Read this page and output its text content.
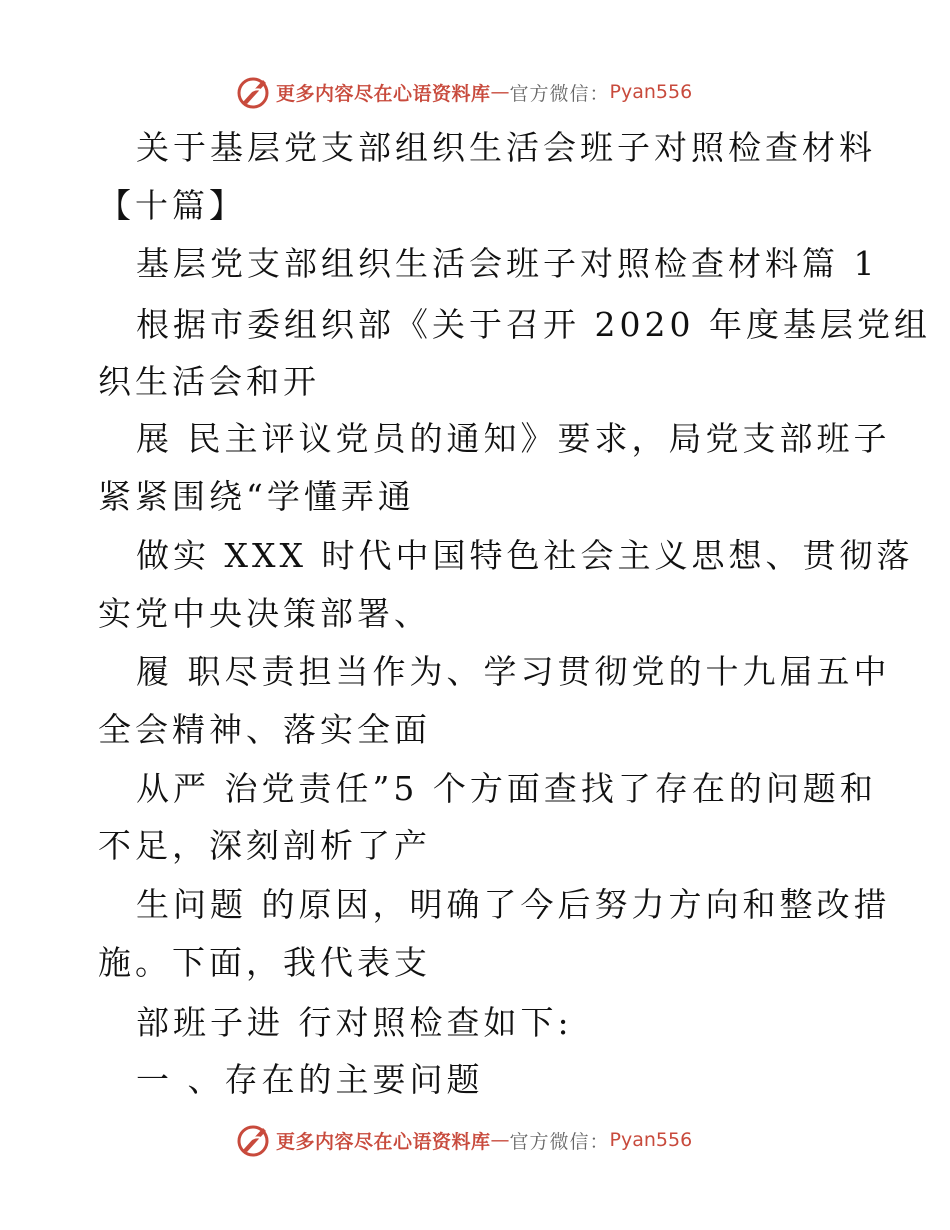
更多内容尽在心语资料库 — 官方微信： Pyan556
关于基层党支部组织生活会班子对照检查材料
【十篇】
基层党支部组织生活会班子对照检查材料篇 1
根据市委组织部《关于召开 2020 年度基层党组
织生活会和开
展 民主评议党员的通知》要求，局党支部班子
紧紧围绕“学懂弄通
做实 XXX 时代中国特色社会主义思想、贯彻落
实党中央决策部署、
履 职尽责担当作为、学习贯彻党的十九届五中
全会精神、落实全面
从严 治党责任”5 个方面查找了存在的问题和
不足，深刻剖析了产
生问题 的原因，明确了今后努力方向和整改措
施。下面，我代表支
部班子进 行对照检查如下:
一 、存在的主要问题
更多内容尽在心语资料库 — 官方微信： Pyan556
